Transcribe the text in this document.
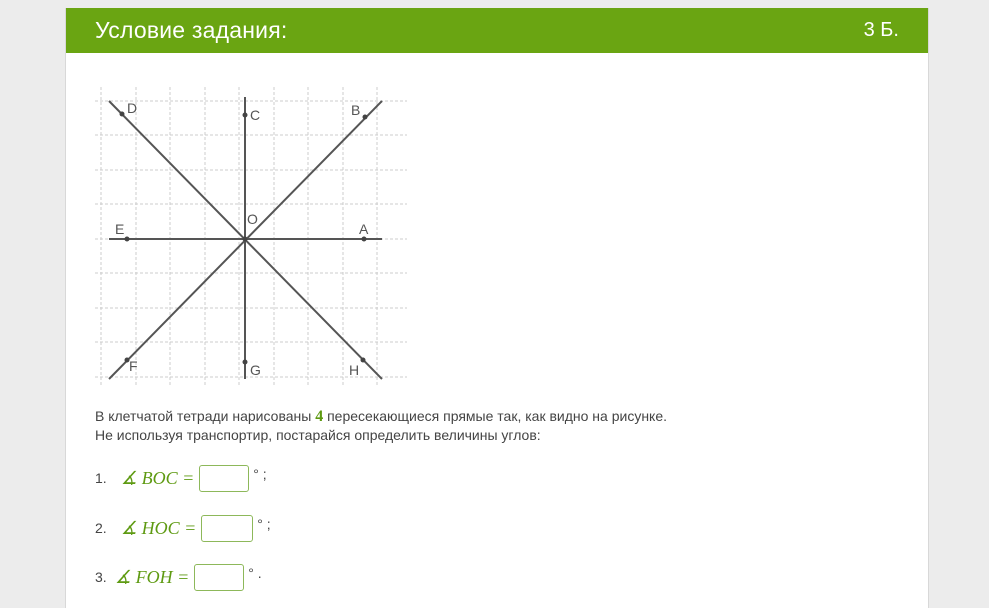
Условие задания:	3 Б.
D	C	B
E
O
A
F	G	H
В клетчатой тетради нарисованы 4 пересекающиеся прямые так, как видно на рисунке.
Не используя транспортир, постарайся определить величины углов:
1. ∡ BOC =	° ;
2. ∡ HOC =	° ;
3. ∡ FOH =	° .
